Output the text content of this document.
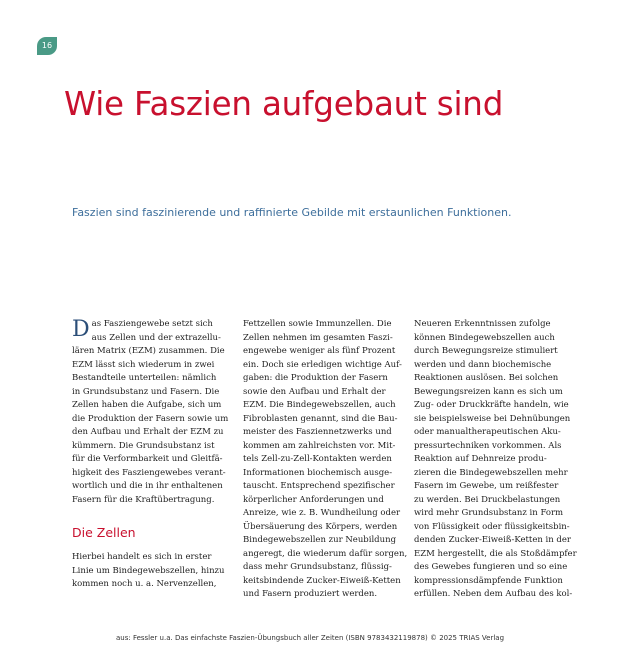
16
Wie Faszien aufgebaut sind

Faszien sind faszinierende und raffinierte Gebilde mit erstaunlichen Funktionen.

D as Fasziengewebe setzt sich
aus Zellen und der extrazellu-
lären Matrix (EZM) zusammen. Die
EZM lässt sich wiederum in zwei
Bestandteile unterteilen: nämlich
in Grundsubstanz und Fasern. Die
Zellen haben die Aufgabe, sich um
die Produktion der Fasern sowie um
den Aufbau und Erhalt der EZM zu
kümmern. Die Grundsubstanz ist
für die Verformbarkeit und Gleitfä-
higkeit des Fasziengewebes verant-
wortlich und die in ihr enthaltenen
Fasern für die Kraftübertragung.
Die Zellen
Hierbei handelt es sich in erster
Linie um Bindegewebszellen, hinzu
kommen noch u. a. Nervenzellen,
Fettzellen sowie Immunzellen. Die
Zellen nehmen im gesamten Faszi-
engewebe weniger als fünf Prozent
ein. Doch sie erledigen wichtige Auf-
gaben: die Produktion der Fasern
sowie den Aufbau und Erhalt der
EZM. Die Bindegewebszellen, auch
Fibroblasten genannt, sind die Bau-
meister des Fasziennetzwerks und
kommen am zahlreichsten vor. Mit-
tels Zell-zu-Zell-Kontakten werden
Informationen biochemisch ausge-
tauscht. Entsprechend spezifischer
körperlicher Anforderungen und
Anreize, wie z. B. Wundheilung oder
Übersäuerung des Körpers, werden
Bindegewebszellen zur Neubildung
angeregt, die wiederum dafür sorgen,
dass mehr Grundsubstanz, flüssig-
keitsbindende Zucker-Eiweiß-Ketten
und Fasern produziert werden.
Neueren Erkenntnissen zufolge
können Bindegewebszellen auch
durch Bewegungsreize stimuliert
werden und dann biochemische
Reaktionen auslösen. Bei solchen
Bewegungsreizen kann es sich um
Zug- oder Druckkräfte handeln, wie
sie beispielsweise bei Dehnübungen
oder manualtherapeutischen Aku-
pressurtechniken vorkommen. Als
Reaktion auf Dehnreize produ-
zieren die Bindegewebszellen mehr
Fasern im Gewebe, um reißfester
zu werden. Bei Druckbelastungen
wird mehr Grundsubstanz in Form
von Flüssigkeit oder flüssigkeitsbin-
denden Zucker-Eiweiß-Ketten in der
EZM hergestellt, die als Stoßdämpfer
des Gewebes fungieren und so eine
kompressionsdämpfende Funktion
erfüllen. Neben dem Aufbau des kol-
aus: Fessler u.a. Das einfachste Faszien-Übungsbuch aller Zeiten (ISBN 9783432119878) © 2025 TRIAS Verlag
